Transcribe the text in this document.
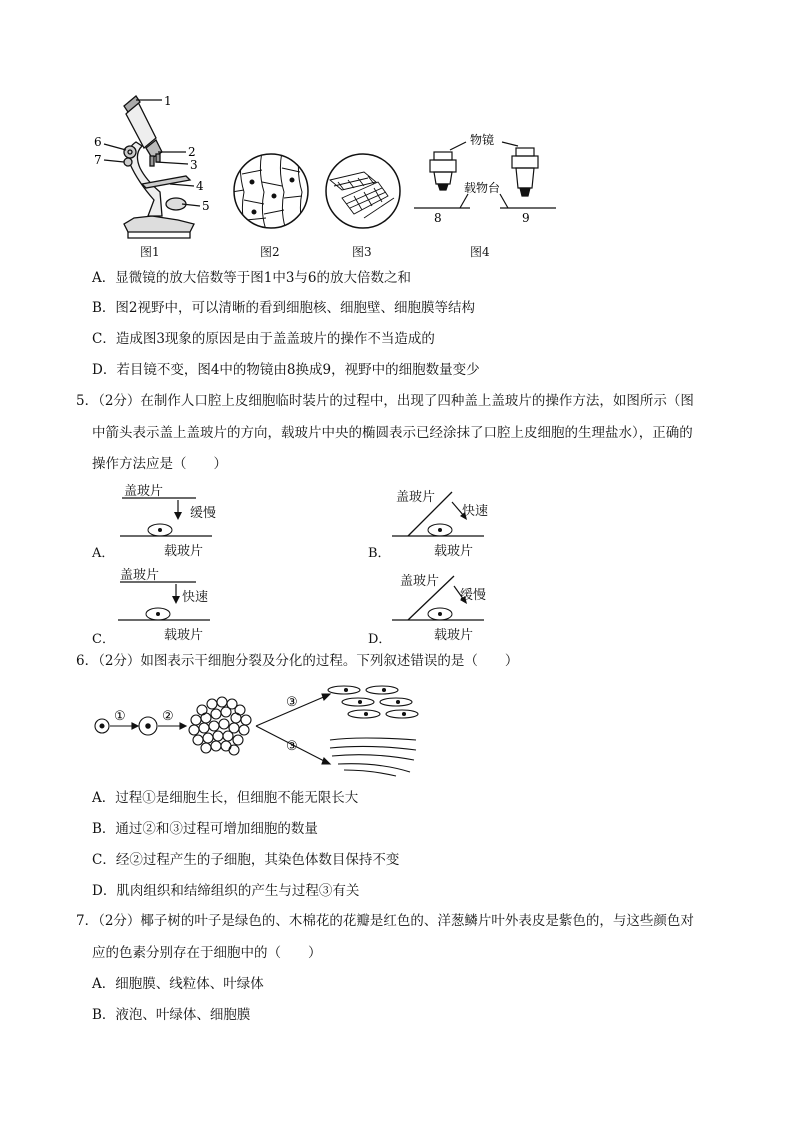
1
2
3
4
5
6
7
图1	图2	图3
物镜
载物台
8	9
图4
A．显微镜的放大倍数等于图1中3与6的放大倍数之和
B．图2视野中，可以清晰的看到细胞核、细胞壁、细胞膜等结构
C．造成图3现象的原因是由于盖盖玻片的操作不当造成的
D．若目镜不变，图4中的物镜由8换成9，视野中的细胞数量变少
5．（2分）在制作人口腔上皮细胞临时装片的过程中，出现了四种盖上盖玻片的操作方法，如图所示（图
中箭头表示盖上盖玻片的方向，载玻片中央的椭圆表示已经涂抹了口腔上皮细胞的生理盐水），正确的
操作方法应是（　　）
盖玻片
缓慢
A．	载玻片
盖玻片
快速
B．	载玻片
盖玻片
快速
C．	载玻片
盖玻片
缓慢
D．	载玻片
6．（2分）如图表示干细胞分裂及分化的过程。下列叙述错误的是（　　）
①	②
③
③
A．过程①是细胞生长，但细胞不能无限长大
B．通过②和③过程可增加细胞的数量
C．经②过程产生的子细胞，其染色体数目保持不变
D．肌肉组织和结缔组织的产生与过程③有关
7．（2分）椰子树的叶子是绿色的、木棉花的花瓣是红色的、洋葱鳞片叶外表皮是紫色的，与这些颜色对
应的色素分别存在于细胞中的（　　）
A．细胞膜、线粒体、叶绿体
B．液泡、叶绿体、细胞膜
